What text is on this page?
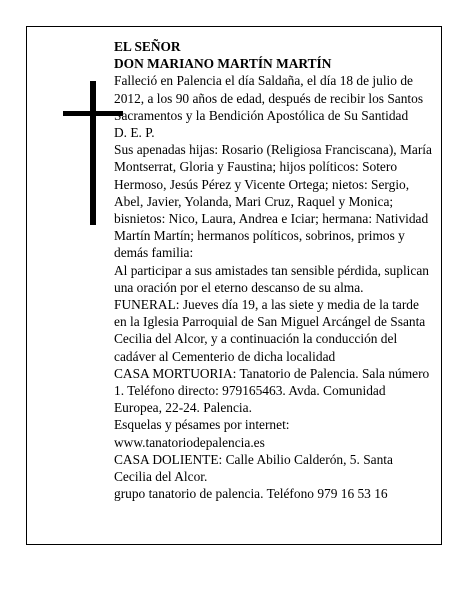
EL SEÑOR

DON MARIANO MARTÍN MARTÍN

Falleció en Palencia el día Saldaña, el día 18 de julio de 2012, a los 90 años de edad, después de recibir los Santos Sacramentos y la Bendición Apostólica de Su Santidad

D. E. P.

Sus apenadas hijas: Rosario (Religiosa Franciscana), María Montserrat, Gloria y Faustina; hijos políticos: Sotero Hermoso, Jesús Pérez y Vicente Ortega; nietos: Sergio, Abel, Javier, Yolanda, Mari Cruz, Raquel y Monica; bisnietos: Nico, Laura, Andrea e Iciar; hermana: Natividad Martín Martín; hermanos políticos, sobrinos, primos y demás familia:

Al participar a sus amistades tan sensible pérdida, suplican una oración por el eterno descanso de su alma.

FUNERAL: Jueves día 19, a las siete y media de la tarde en la Iglesia Parroquial de San Miguel Arcángel de Ssanta Cecilia del Alcor, y a continuación la conducción del cadáver al Cementerio de dicha localidad

CASA MORTUORIA: Tanatorio de Palencia. Sala número 1. Teléfono directo: 979165463. Avda. Comunidad Europea, 22-24. Palencia.

Esquelas y pésames por internet:

www.tanatoriodepalencia.es

CASA DOLIENTE: Calle Abilio Calderón, 5. Santa Cecilia del Alcor.

grupo tanatorio de palencia. Teléfono 979 16 53 16
